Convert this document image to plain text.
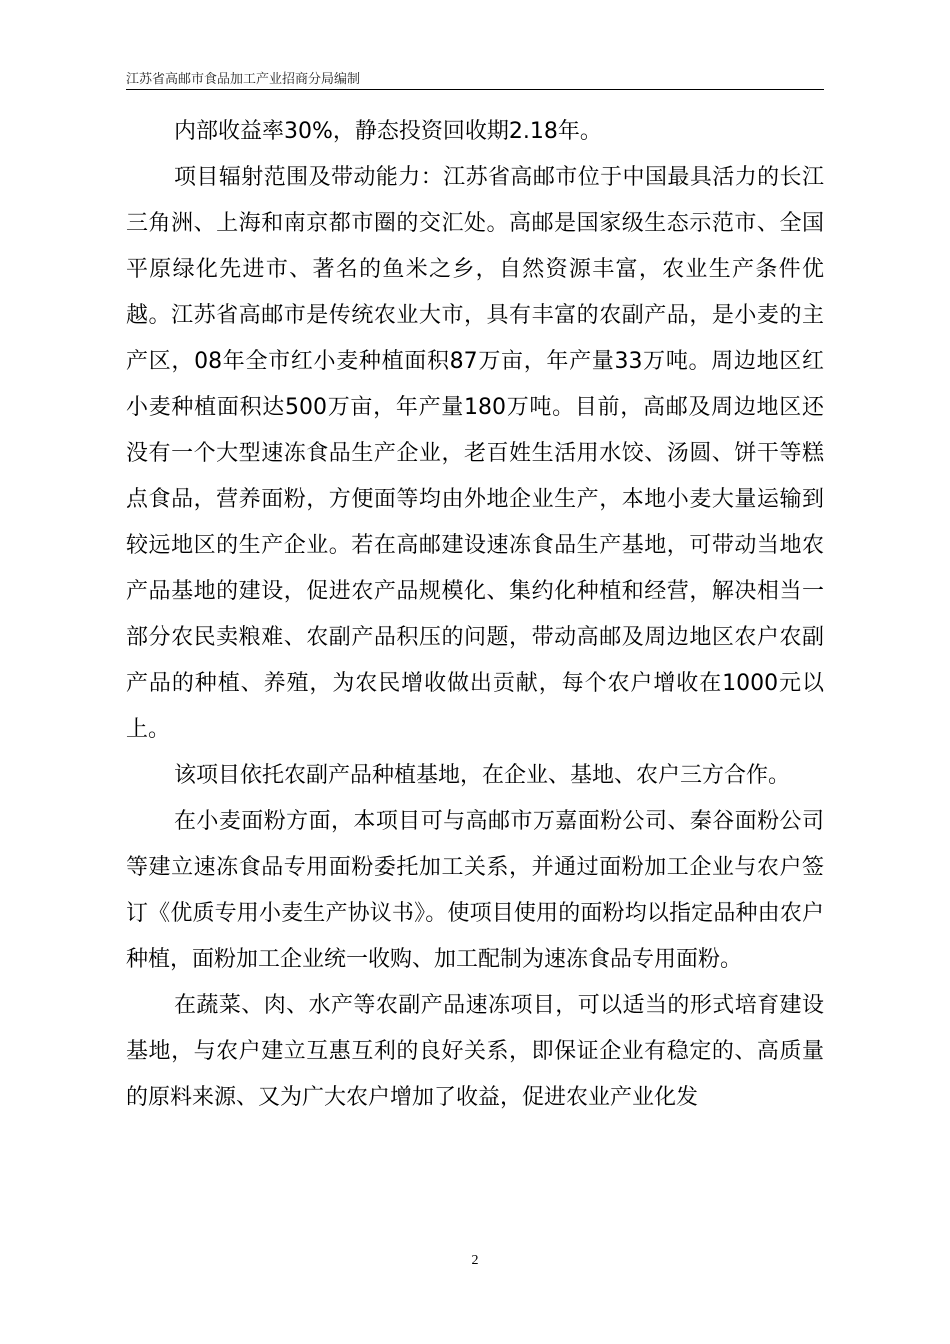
江苏省高邮市食品加工产业招商分局编制

内部收益率30%，静态投资回收期2.18年。

项目辐射范围及带动能力：江苏省高邮市位于中国最具活力的长江三角洲、上海和南京都市圈的交汇处。高邮是国家级生态示范市、全国平原绿化先进市、著名的鱼米之乡，自然资源丰富，农业生产条件优越。江苏省高邮市是传统农业大市，具有丰富的农副产品，是小麦的主产区，08年全市红小麦种植面积87万亩，年产量33万吨。周边地区红小麦种植面积达500万亩，年产量180万吨。目前，高邮及周边地区还没有一个大型速冻食品生产企业，老百姓生活用水饺、汤圆、饼干等糕点食品，营养面粉，方便面等均由外地企业生产，本地小麦大量运输到较远地区的生产企业。若在高邮建设速冻食品生产基地，可带动当地农产品基地的建设，促进农产品规模化、集约化种植和经营，解决相当一部分农民卖粮难、农副产品积压的问题，带动高邮及周边地区农户农副产品的种植、养殖，为农民增收做出贡献，每个农户增收在1000元以上。

该项目依托农副产品种植基地，在企业、基地、农户三方合作。

在小麦面粉方面，本项目可与高邮市万嘉面粉公司、秦谷面粉公司等建立速冻食品专用面粉委托加工关系，并通过面粉加工企业与农户签订《优质专用小麦生产协议书》。使项目使用的面粉均以指定品种由农户种植，面粉加工企业统一收购、加工配制为速冻食品专用面粉。

在蔬菜、肉、水产等农副产品速冻项目，可以适当的形式培育建设基地，与农户建立互惠互利的良好关系，即保证企业有稳定的、高质量的原料来源、又为广大农户增加了收益，促进农业产业化发

2
